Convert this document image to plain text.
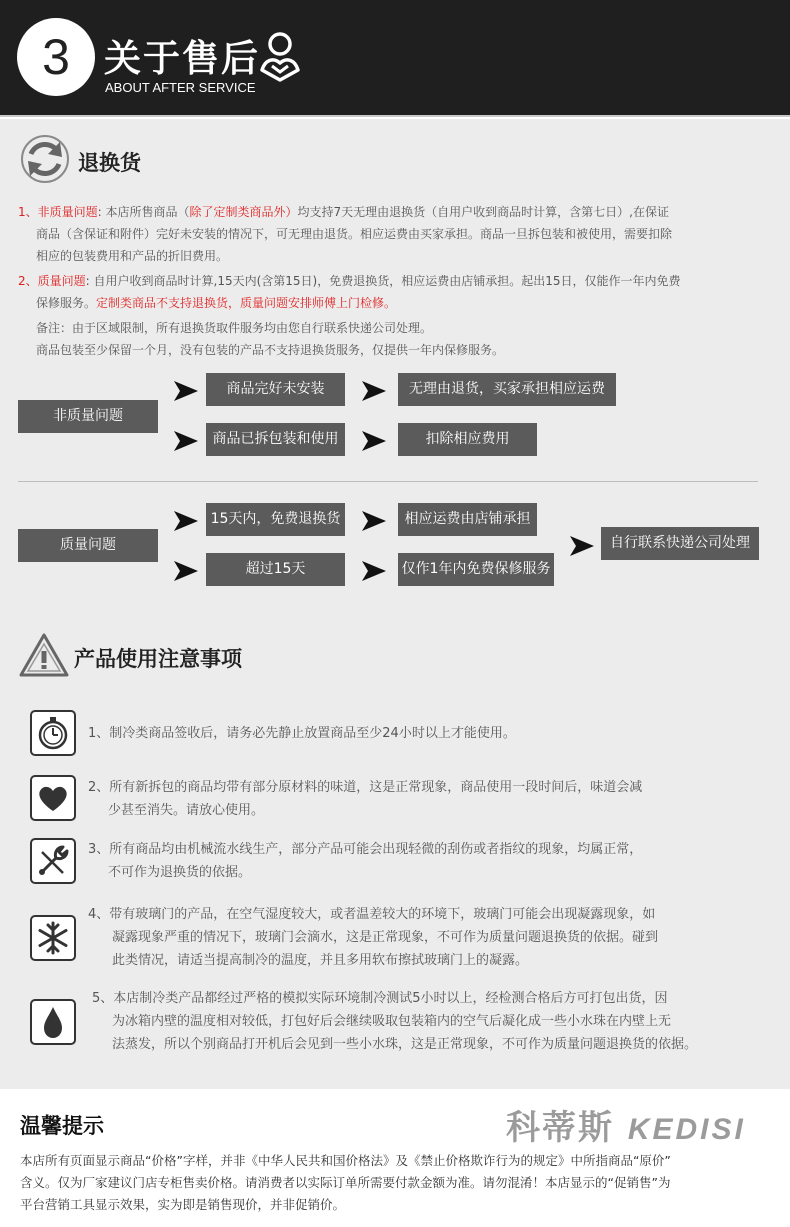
3 关于售后
ABOUT AFTER SERVICE
退换货
1、非质量问题: 本店所售商品（除了定制类商品外）均支持7天无理由退换货（自用户收到商品时计算，含第七日）,在保证
商品（含保证和附件）完好未安装的情况下，可无理由退货。相应运费由买家承担。商品一旦拆包装和被使用，需要扣除
相应的包装费用和产品的折旧费用。
2、质量问题: 自用户收到商品时计算,15天内(含第15日)，免费退换货，相应运费由店铺承担。起出15日，仅能作一年内免费
保修服务。定制类商品不支持退换货，质量问题安排师傅上门检修。
备注：由于区域限制，所有退换货取件服务均由您自行联系快递公司处理。
商品包装至少保留一个月，没有包装的产品不支持退换货服务，仅提供一年内保修服务。
非质量问题
商品完好未安装	无理由退货，买家承担相应运费
商品已拆包装和使用	扣除相应费用
质量问题
15天内，免费退换货	相应运费由店铺承担
超过15天	仅作1年内免费保修服务
自行联系快递公司处理
产品使用注意事项
1、制冷类商品签收后，请务必先静止放置商品至少24小时以上才能使用。
2、所有新拆包的商品均带有部分原材料的味道，这是正常现象，商品使用一段时间后，味道会减
少甚至消失。请放心使用。
3、所有商品均由机械流水线生产，部分产品可能会出现轻微的刮伤或者指纹的现象，均属正常，
不可作为退换货的依据。
4、带有玻璃门的产品，在空气湿度较大，或者温差较大的环境下，玻璃门可能会出现凝露现象，如
凝露现象严重的情况下，玻璃门会滴水，这是正常现象，不可作为质量问题退换货的依据。碰到
此类情况，请适当提高制冷的温度，并且多用软布擦拭玻璃门上的凝露。
5、本店制冷类产品都经过严格的模拟实际环境制冷测试5小时以上，经检测合格后方可打包出货，因
为冰箱内壁的温度相对较低，打包好后会继续吸取包装箱内的空气后凝化成一些小水珠在内壁上无
法蒸发，所以个别商品打开机后会见到一些小水珠，这是正常现象，不可作为质量问题退换货的依据。
温馨提示	科蒂斯 KEDISI
本店所有页面显示商品“价格”字样，并非《中华人民共和国价格法》及《禁止价格欺诈行为的规定》中所指商品“原价”
含义。仅为厂家建议门店专柜售卖价格。请消费者以实际订单所需要付款金额为准。请勿混淆！本店显示的“促销售”为
平台营销工具显示效果，实为即是销售现价，并非促销价。
